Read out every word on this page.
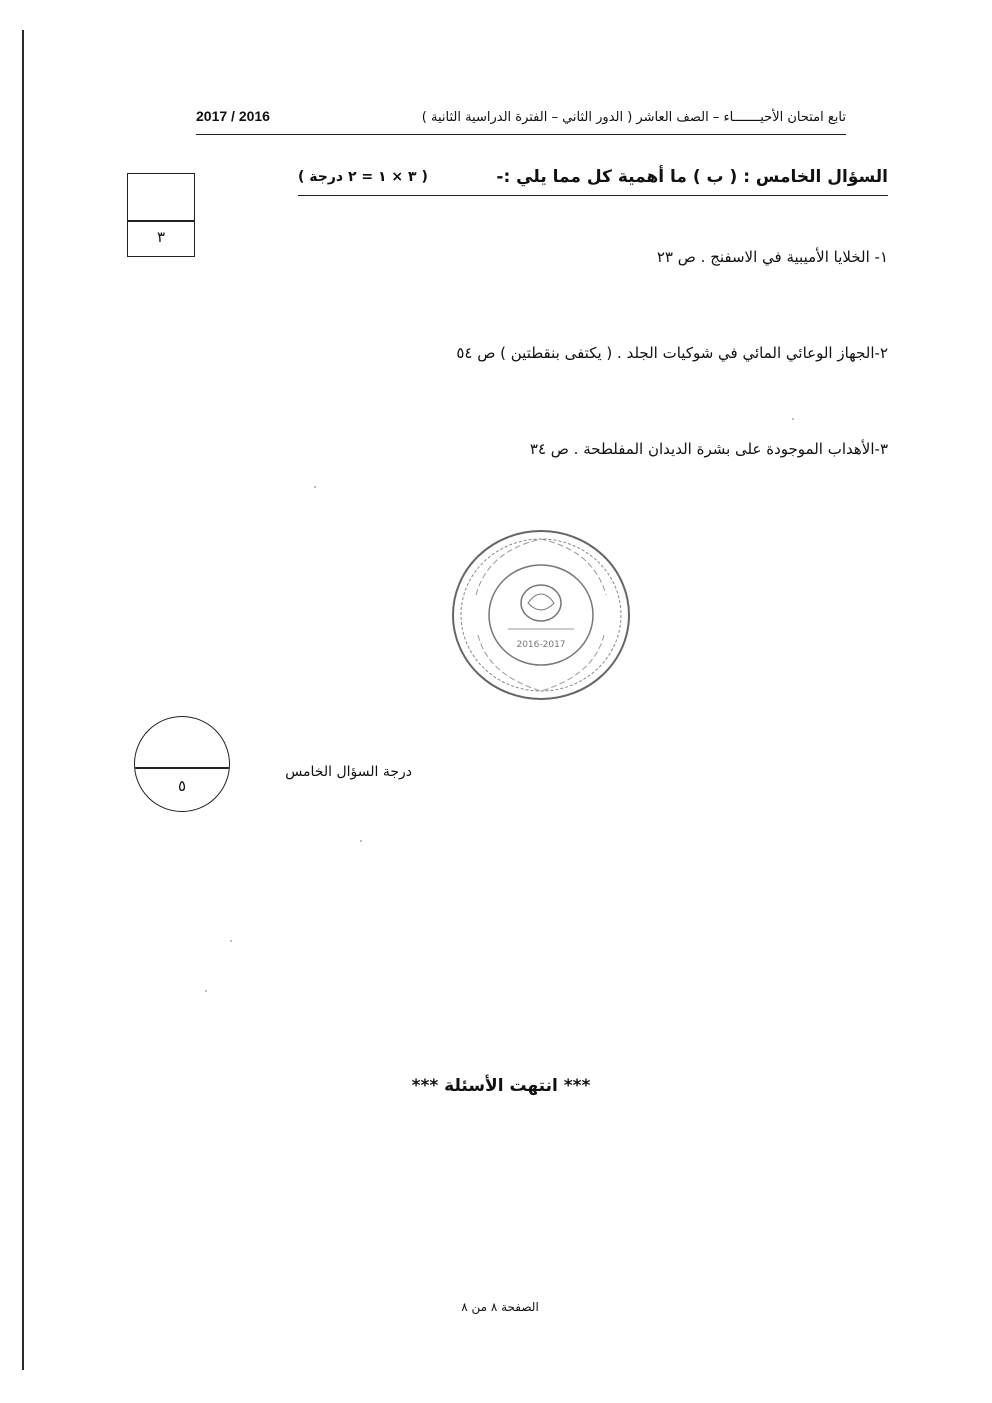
تابع امتحان الأحيـــــــاء – الصف العاشر ( الدور الثاني – الفترة الدراسية الثانية )
2017 / 2016
٣
السؤال الخامس : ( ب ) ما أهمية كل مما يلي :-
( ٣ × ١ = ٢ درجة )
١- الخلايا الأميبية في الاسفنج . ص ٢٣
٢-الجهاز الوعائي المائي في شوكيات الجلد . ( يكتفى بنقطتين ) ص ٥٤
٣-الأهداب الموجودة على بشرة الديدان المفلطحة . ص ٣٤
2016-2017
٥
درجة السؤال الخامس
*** انتهت الأسئلة ***
الصفحة ٨ من ٨
